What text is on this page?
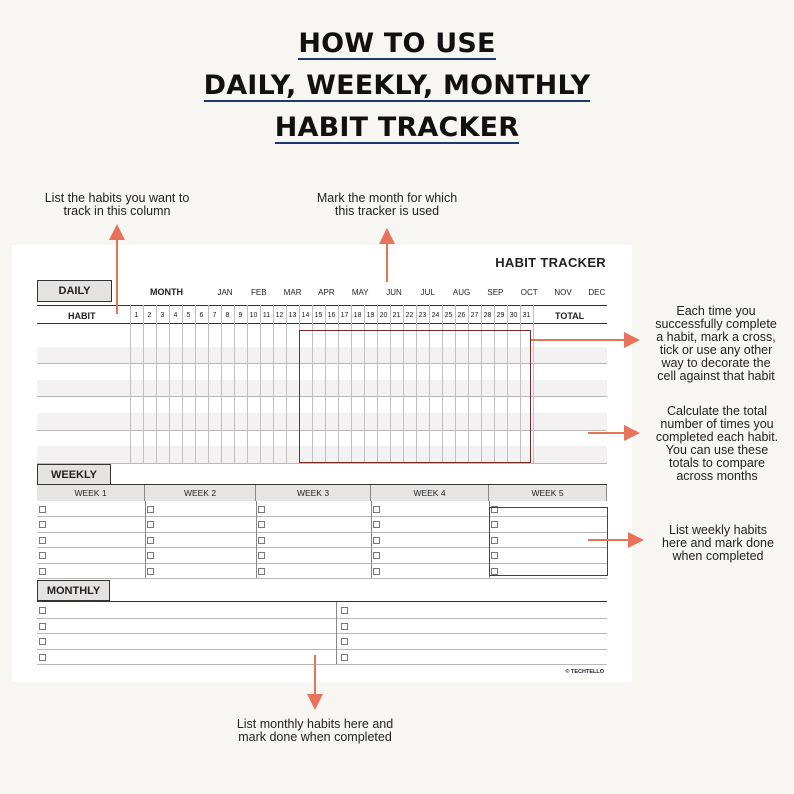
HOW TO USE
DAILY, WEEKLY, MONTHLY
HABIT TRACKER
List the habits you want to
track in this column
Mark the month for which
this tracker is used
Each time you
successfully complete
a habit, mark a cross,
tick or use any other
way to decorate the
cell against that habit
Calculate the total
number of times you
completed each habit.
You can use these
totals to compare
across months
List weekly habits
here and mark done
when completed
List monthly habits here and
mark done when completed
HABIT TRACKER
DAILY	MONTH	JAN	FEB	MAR	APR	MAY	JUN	JUL	AUG	SEP	OCT	NOV	DEC
HABIT	1	2	3	4	5	6	7	8	9	10 11 12 13 14 15 16 17 18 19 20 21 22 23 24 25 26 27 28 29 30 31	TOTAL
WEEKLY
WEEK 1	WEEK 2	WEEK 3	WEEK 4	WEEK 5
MONTHLY
© TECHTELLO
